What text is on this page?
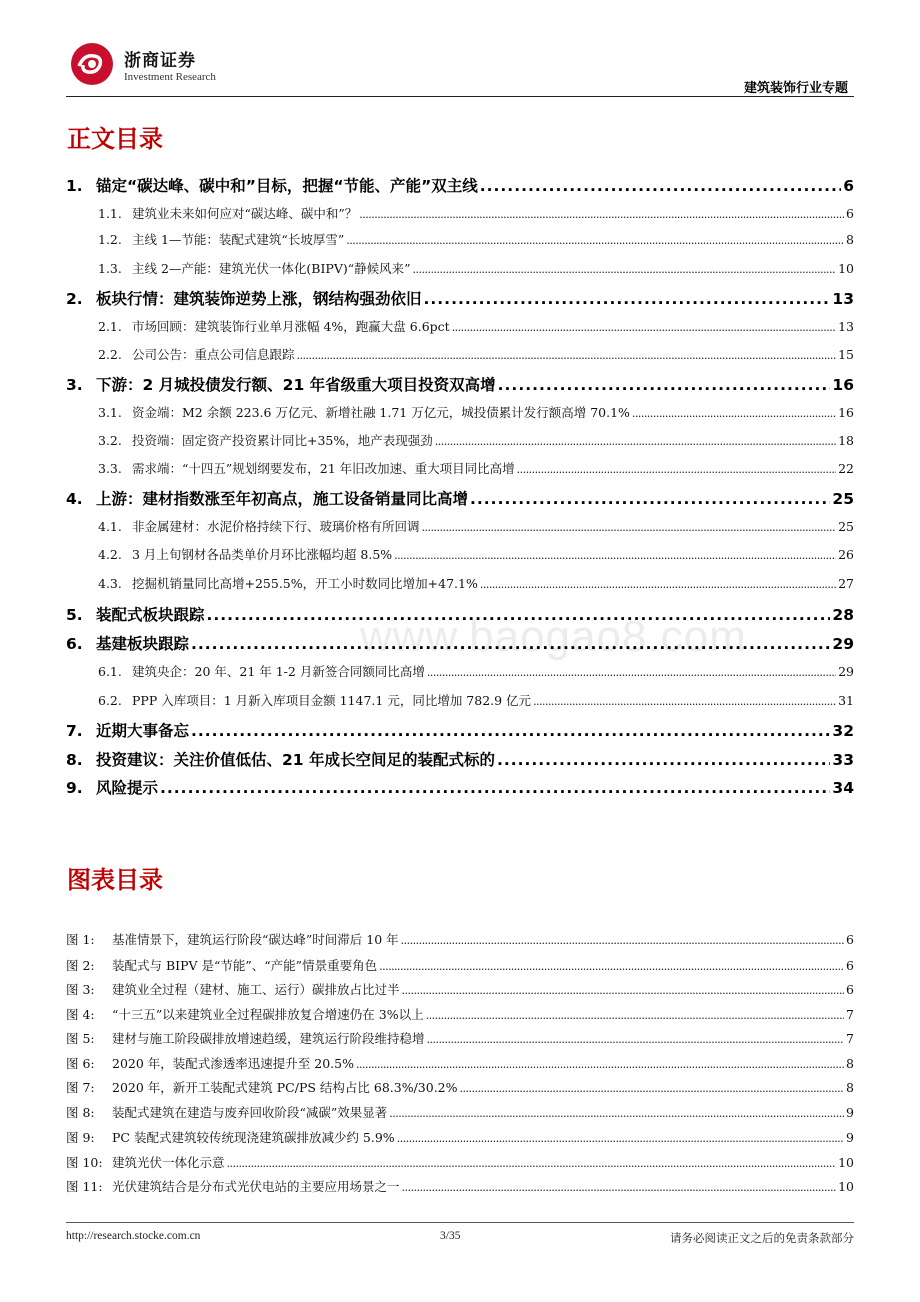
浙商证券
Investment Research
建筑装饰行业专题
www.baogao8.com
正文目录
1. 锚定“碳达峰、碳中和”目标，把握“节能、产能”双主线 .....	6
1.1. 建筑业未来如何应对“碳达峰、碳中和”？ .....	6
1.2. 主线 1—节能：装配式建筑“长坡厚雪” .....	8
1.3. 主线 2—产能：建筑光伏一体化(BIPV)“静候风来” .....	10
2. 板块行情：建筑装饰逆势上涨，钢结构强劲依旧 .....	13
2.1. 市场回顾：建筑装饰行业单月涨幅 4%，跑赢大盘 6.6pct .....	13
2.2. 公司公告：重点公司信息跟踪 .....	15
3. 下游：2 月城投债发行额、21 年省级重大项目投资双高增 .....	16
3.1. 资金端：M2 余额 223.6 万亿元、新增社融 1.71 万亿元，城投债累计发行额高增 70.1% .....	16
3.2. 投资端：固定资产投资累计同比+35%，地产表现强劲 .....	18
3.3. 需求端：“十四五”规划纲要发布，21 年旧改加速、重大项目同比高增 .....	22
4. 上游：建材指数涨至年初高点，施工设备销量同比高增 .....	25
4.1. 非金属建材：水泥价格持续下行、玻璃价格有所回调 .....	25
4.2. 3 月上旬钢材各品类单价月环比涨幅均超 8.5% .....	26
4.3. 挖掘机销量同比高增+255.5%，开工小时数同比增加+47.1% .....	27
5. 装配式板块跟踪 .....	28
6. 基建板块跟踪 .....	29
6.1. 建筑央企：20 年、21 年 1-2 月新签合同额同比高增 .....	29
6.2. PPP 入库项目：1 月新入库项目金额 1147.1 元，同比增加 782.9 亿元 .....	31
7. 近期大事备忘 .....	32
8. 投资建议：关注价值低估、21 年成长空间足的装配式标的 .....	33
9. 风险提示 .....	34
图表目录
图 1:	基准情景下，建筑运行阶段“碳达峰”时间滞后 10 年 .....	6
图 2:	装配式与 BIPV 是“节能”、“产能”情景重要角色 .....	6
图 3:	建筑业全过程（建材、施工、运行）碳排放占比过半 .....	6
图 4:	“十三五”以来建筑业全过程碳排放复合增速仍在 3%以上 .....	7
图 5:	建材与施工阶段碳排放增速趋缓，建筑运行阶段维持稳增 .....	7
图 6:	2020 年，装配式渗透率迅速提升至 20.5% .....	8
图 7:	2020 年，新开工装配式建筑 PC/PS 结构占比 68.3%/30.2% .....	8
图 8:	装配式建筑在建造与废弃回收阶段“减碳”效果显著 .....	9
图 9:	PC 装配式建筑较传统现浇建筑碳排放减少约 5.9% .....	9
图 10: 建筑光伏一体化示意 .....	10
图 11: 光伏建筑结合是分布式光伏电站的主要应用场景之一 .....	10
http://research.stocke.com.cn	3/35	请务必阅读正文之后的免责条款部分
